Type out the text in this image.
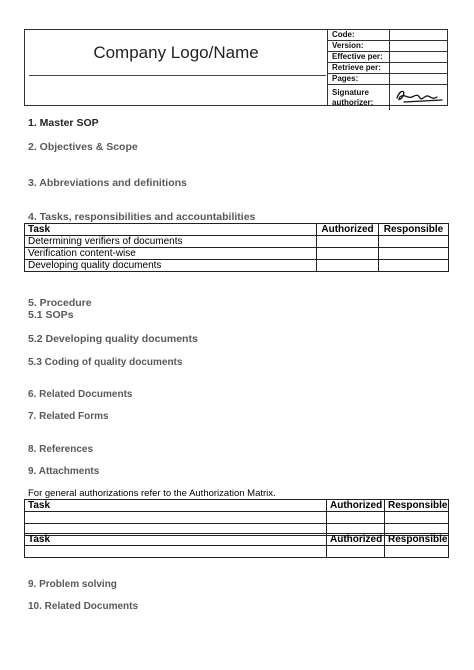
Company Logo/Name
Code:	
Version:	
Effective per:	
Retrieve per:	
Pages:	
Signature
authorizer:	
1. Master SOP
2. Objectives & Scope
3. Abbreviations and definitions
4. Tasks, responsibilities and accountabilities
Task	Authorized	Responsible
Determining verifiers of documents		
Verification content-wise		
Developing quality documents		
5. Procedure
5.1 SOPs
5.2 Developing quality documents
5.3 Coding of quality documents
6. Related Documents
7. Related Forms
8. References
9. Attachments
For general authorizations refer to the Authorization Matrix.
Task	Authorized	Responsible

Task	Authorized	Responsible

9. Problem solving
10. Related Documents
